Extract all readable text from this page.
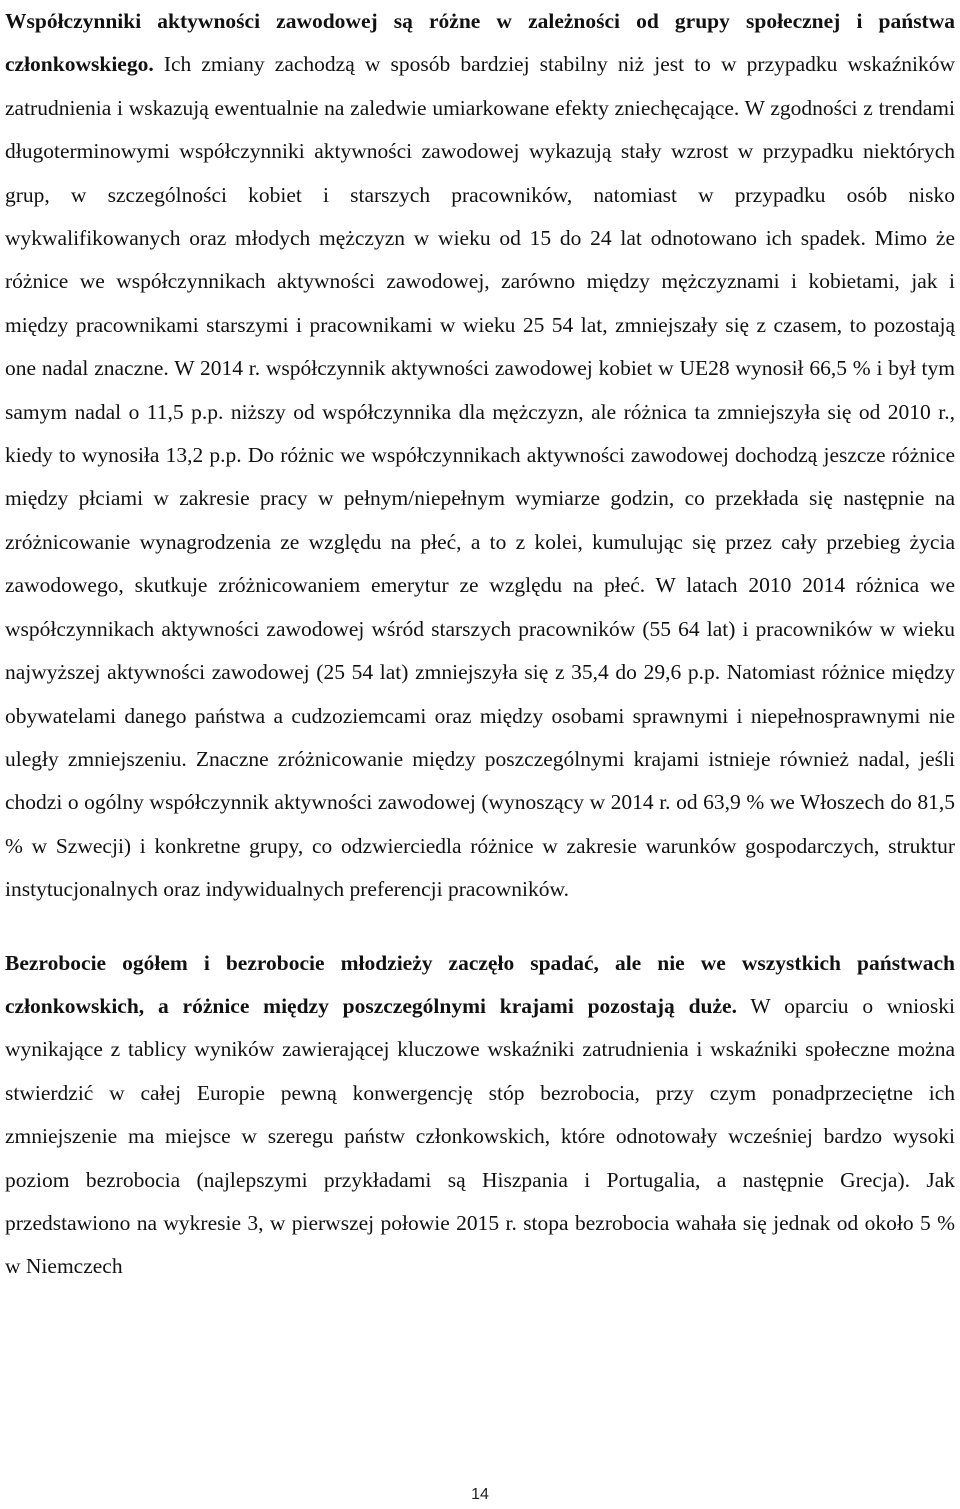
Współczynniki aktywności zawodowej są różne w zależności od grupy społecznej i państwa członkowskiego. Ich zmiany zachodzą w sposób bardziej stabilny niż jest to w przypadku wskaźników zatrudnienia i wskazują ewentualnie na zaledwie umiarkowane efekty zniechęcające. W zgodności z trendami długoterminowymi współczynniki aktywności zawodowej wykazują stały wzrost w przypadku niektórych grup, w szczególności kobiet i starszych pracowników, natomiast w przypadku osób nisko wykwalifikowanych oraz młodych mężczyzn w wieku od 15 do 24 lat odnotowano ich spadek. Mimo że różnice we współczynnikach aktywności zawodowej, zarówno między mężczyznami i kobietami, jak i między pracownikami starszymi i pracownikami w wieku 25 54 lat, zmniejszały się z czasem, to pozostają one nadal znaczne. W 2014 r. współczynnik aktywności zawodowej kobiet w UE28 wynosił 66,5 % i był tym samym nadal o 11,5 p.p. niższy od współczynnika dla mężczyzn, ale różnica ta zmniejszyła się od 2010 r., kiedy to wynosiła 13,2 p.p. Do różnic we współczynnikach aktywności zawodowej dochodzą jeszcze różnice między płciami w zakresie pracy w pełnym/niepełnym wymiarze godzin, co przekłada się następnie na zróżnicowanie wynagrodzenia ze względu na płeć, a to z kolei, kumulując się przez cały przebieg życia zawodowego, skutkuje zróżnicowaniem emerytur ze względu na płeć. W latach 2010 2014 różnica we współczynnikach aktywności zawodowej wśród starszych pracowników (55 64 lat) i pracowników w wieku najwyższej aktywności zawodowej (25 54 lat) zmniejszyła się z 35,4 do 29,6 p.p. Natomiast różnice między obywatelami danego państwa a cudzoziemcami oraz między osobami sprawnymi i niepełnosprawnymi nie uległy zmniejszeniu. Znaczne zróżnicowanie między poszczególnymi krajami istnieje również nadal, jeśli chodzi o ogólny współczynnik aktywności zawodowej (wynoszący w 2014 r. od 63,9 % we Włoszech do 81,5 % w Szwecji) i konkretne grupy, co odzwierciedla różnice w zakresie warunków gospodarczych, struktur instytucjonalnych oraz indywidualnych preferencji pracowników.

Bezrobocie ogółem i bezrobocie młodzieży zaczęło spadać, ale nie we wszystkich państwach członkowskich, a różnice między poszczególnymi krajami pozostają duże. W oparciu o wnioski wynikające z tablicy wyników zawierającej kluczowe wskaźniki zatrudnienia i wskaźniki społeczne można stwierdzić w całej Europie pewną konwergencję stóp bezrobocia, przy czym ponadprzeciętne ich zmniejszenie ma miejsce w szeregu państw członkowskich, które odnotowały wcześniej bardzo wysoki poziom bezrobocia (najlepszymi przykładami są Hiszpania i Portugalia, a następnie Grecja). Jak przedstawiono na wykresie 3, w pierwszej połowie 2015 r. stopa bezrobocia wahała się jednak od około 5 % w Niemczech

14
